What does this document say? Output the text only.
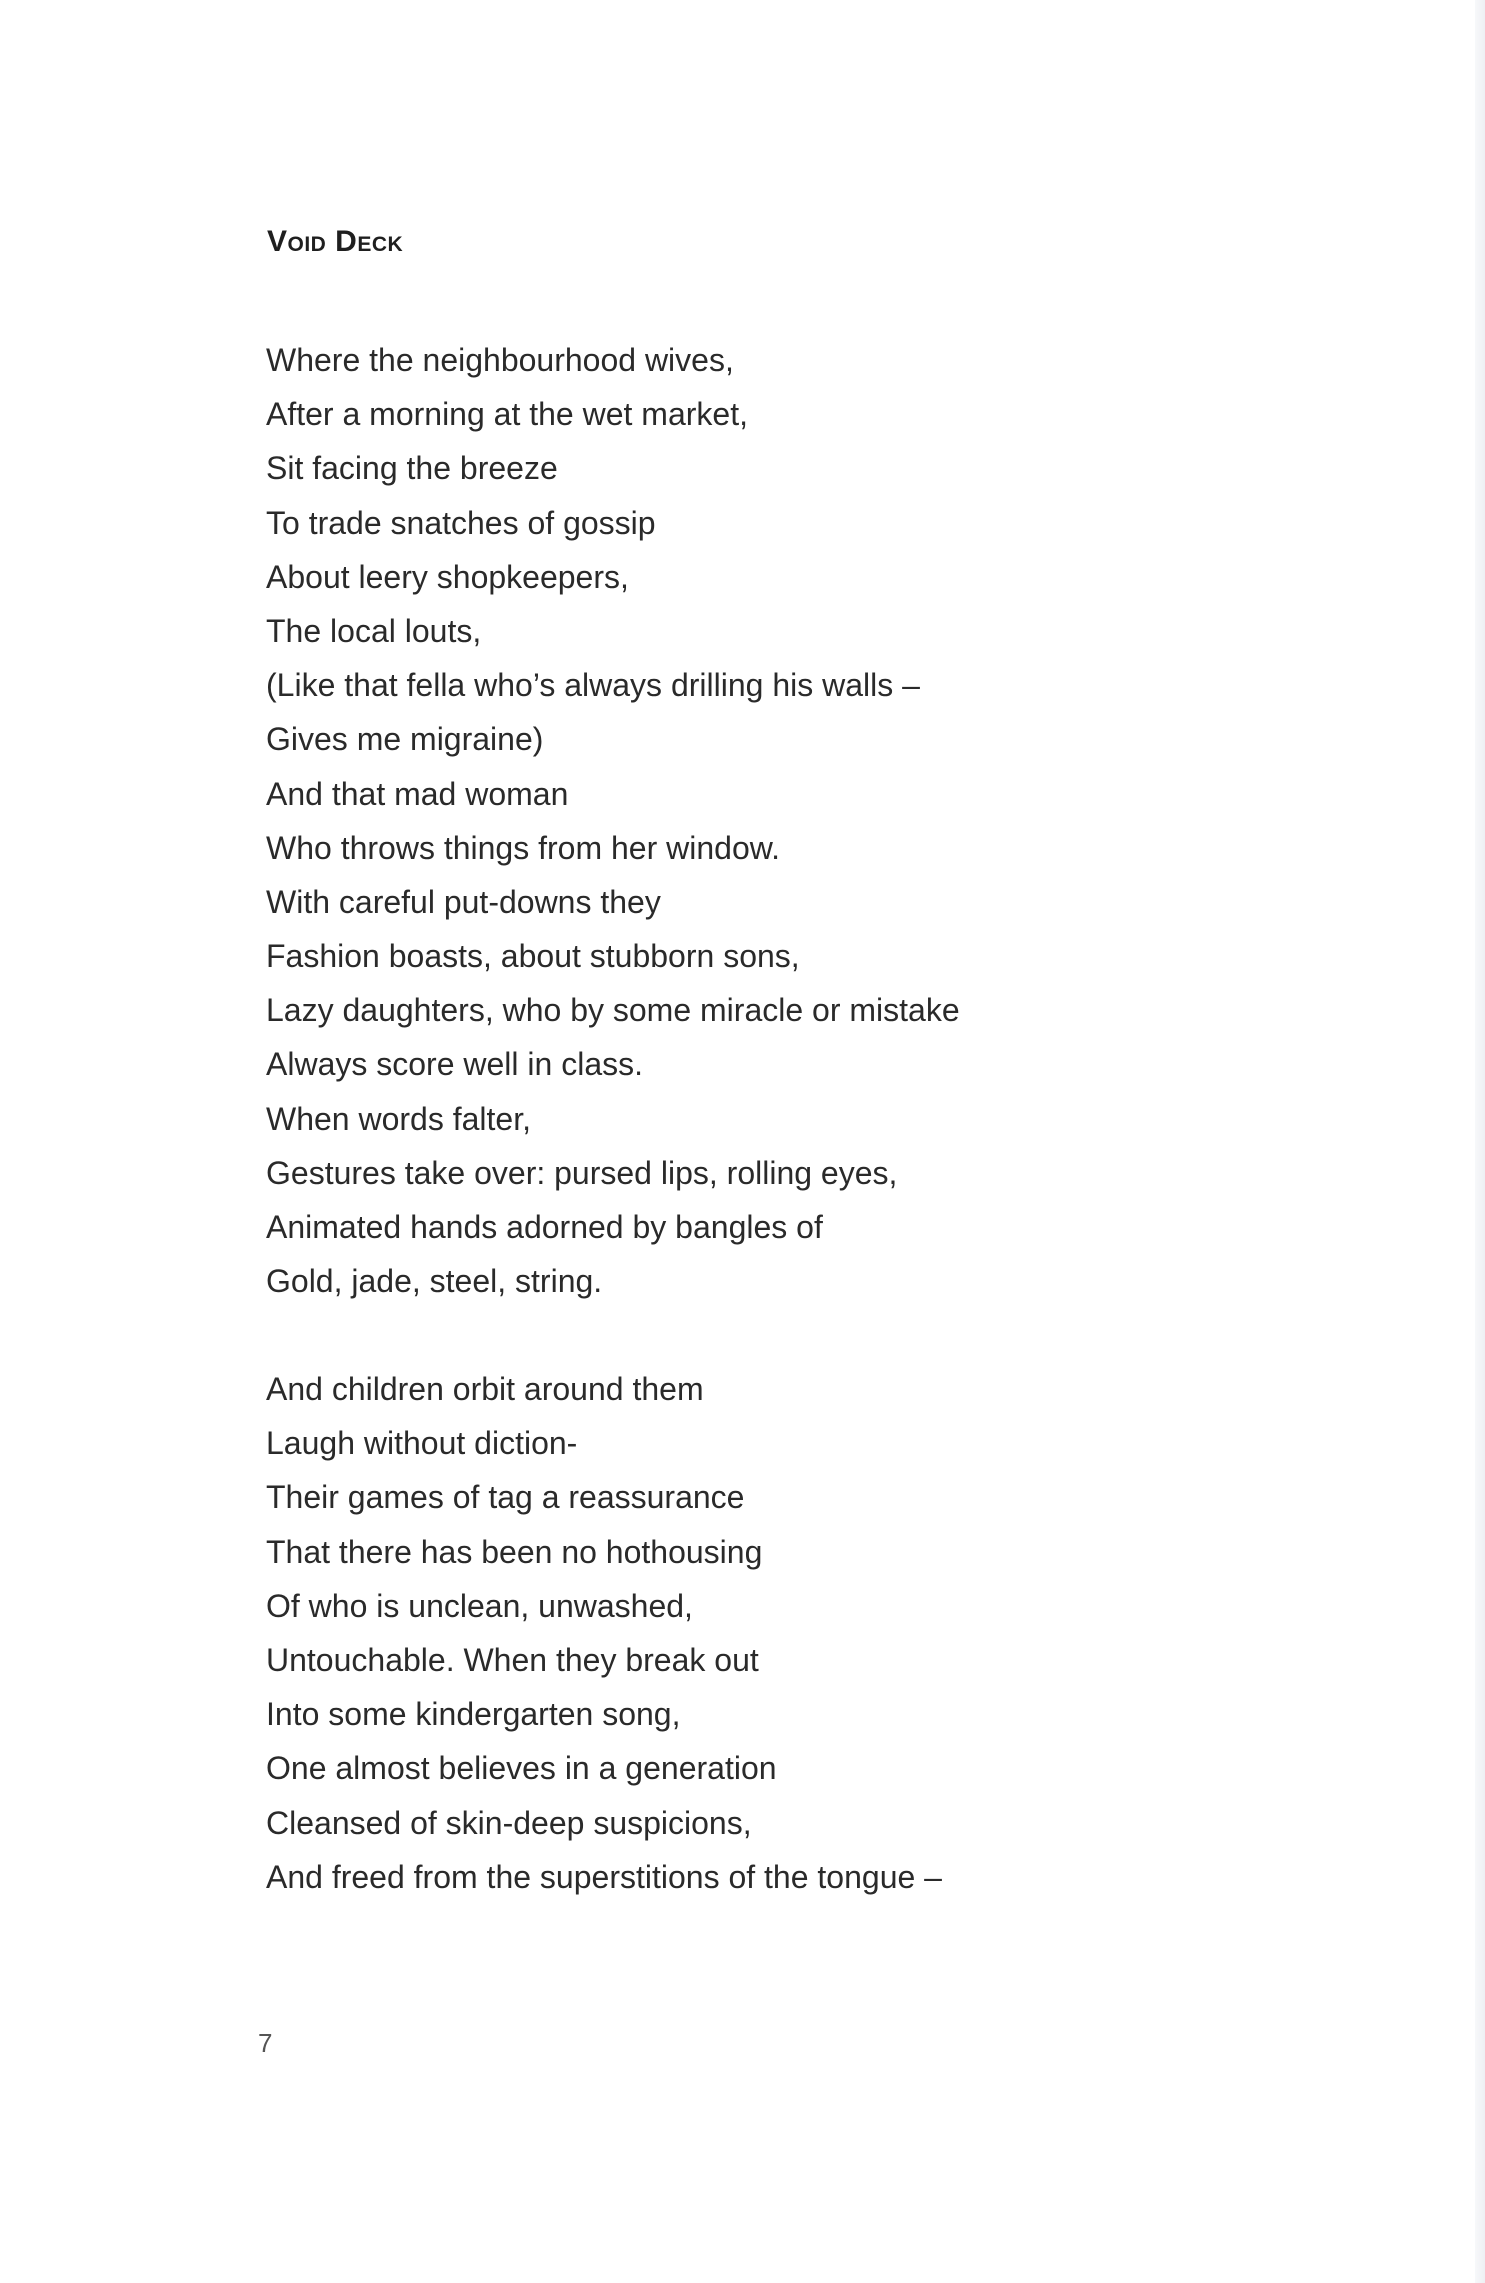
Void Deck
Where the neighbourhood wives,
After a morning at the wet market,
Sit facing the breeze
To trade snatches of gossip
About leery shopkeepers,
The local louts,
(Like that fella who’s always drilling his walls –
Gives me migraine)
And that mad woman
Who throws things from her window.
With careful put-downs they
Fashion boasts, about stubborn sons,
Lazy daughters, who by some miracle or mistake
Always score well in class.
When words falter,
Gestures take over: pursed lips, rolling eyes,
Animated hands adorned by bangles of
Gold, jade, steel, string.
And children orbit around them
Laugh without diction-
Their games of tag a reassurance
That there has been no hothousing
Of who is unclean, unwashed,
Untouchable. When they break out
Into some kindergarten song,
One almost believes in a generation
Cleansed of skin-deep suspicions,
And freed from the superstitions of the tongue –
7
